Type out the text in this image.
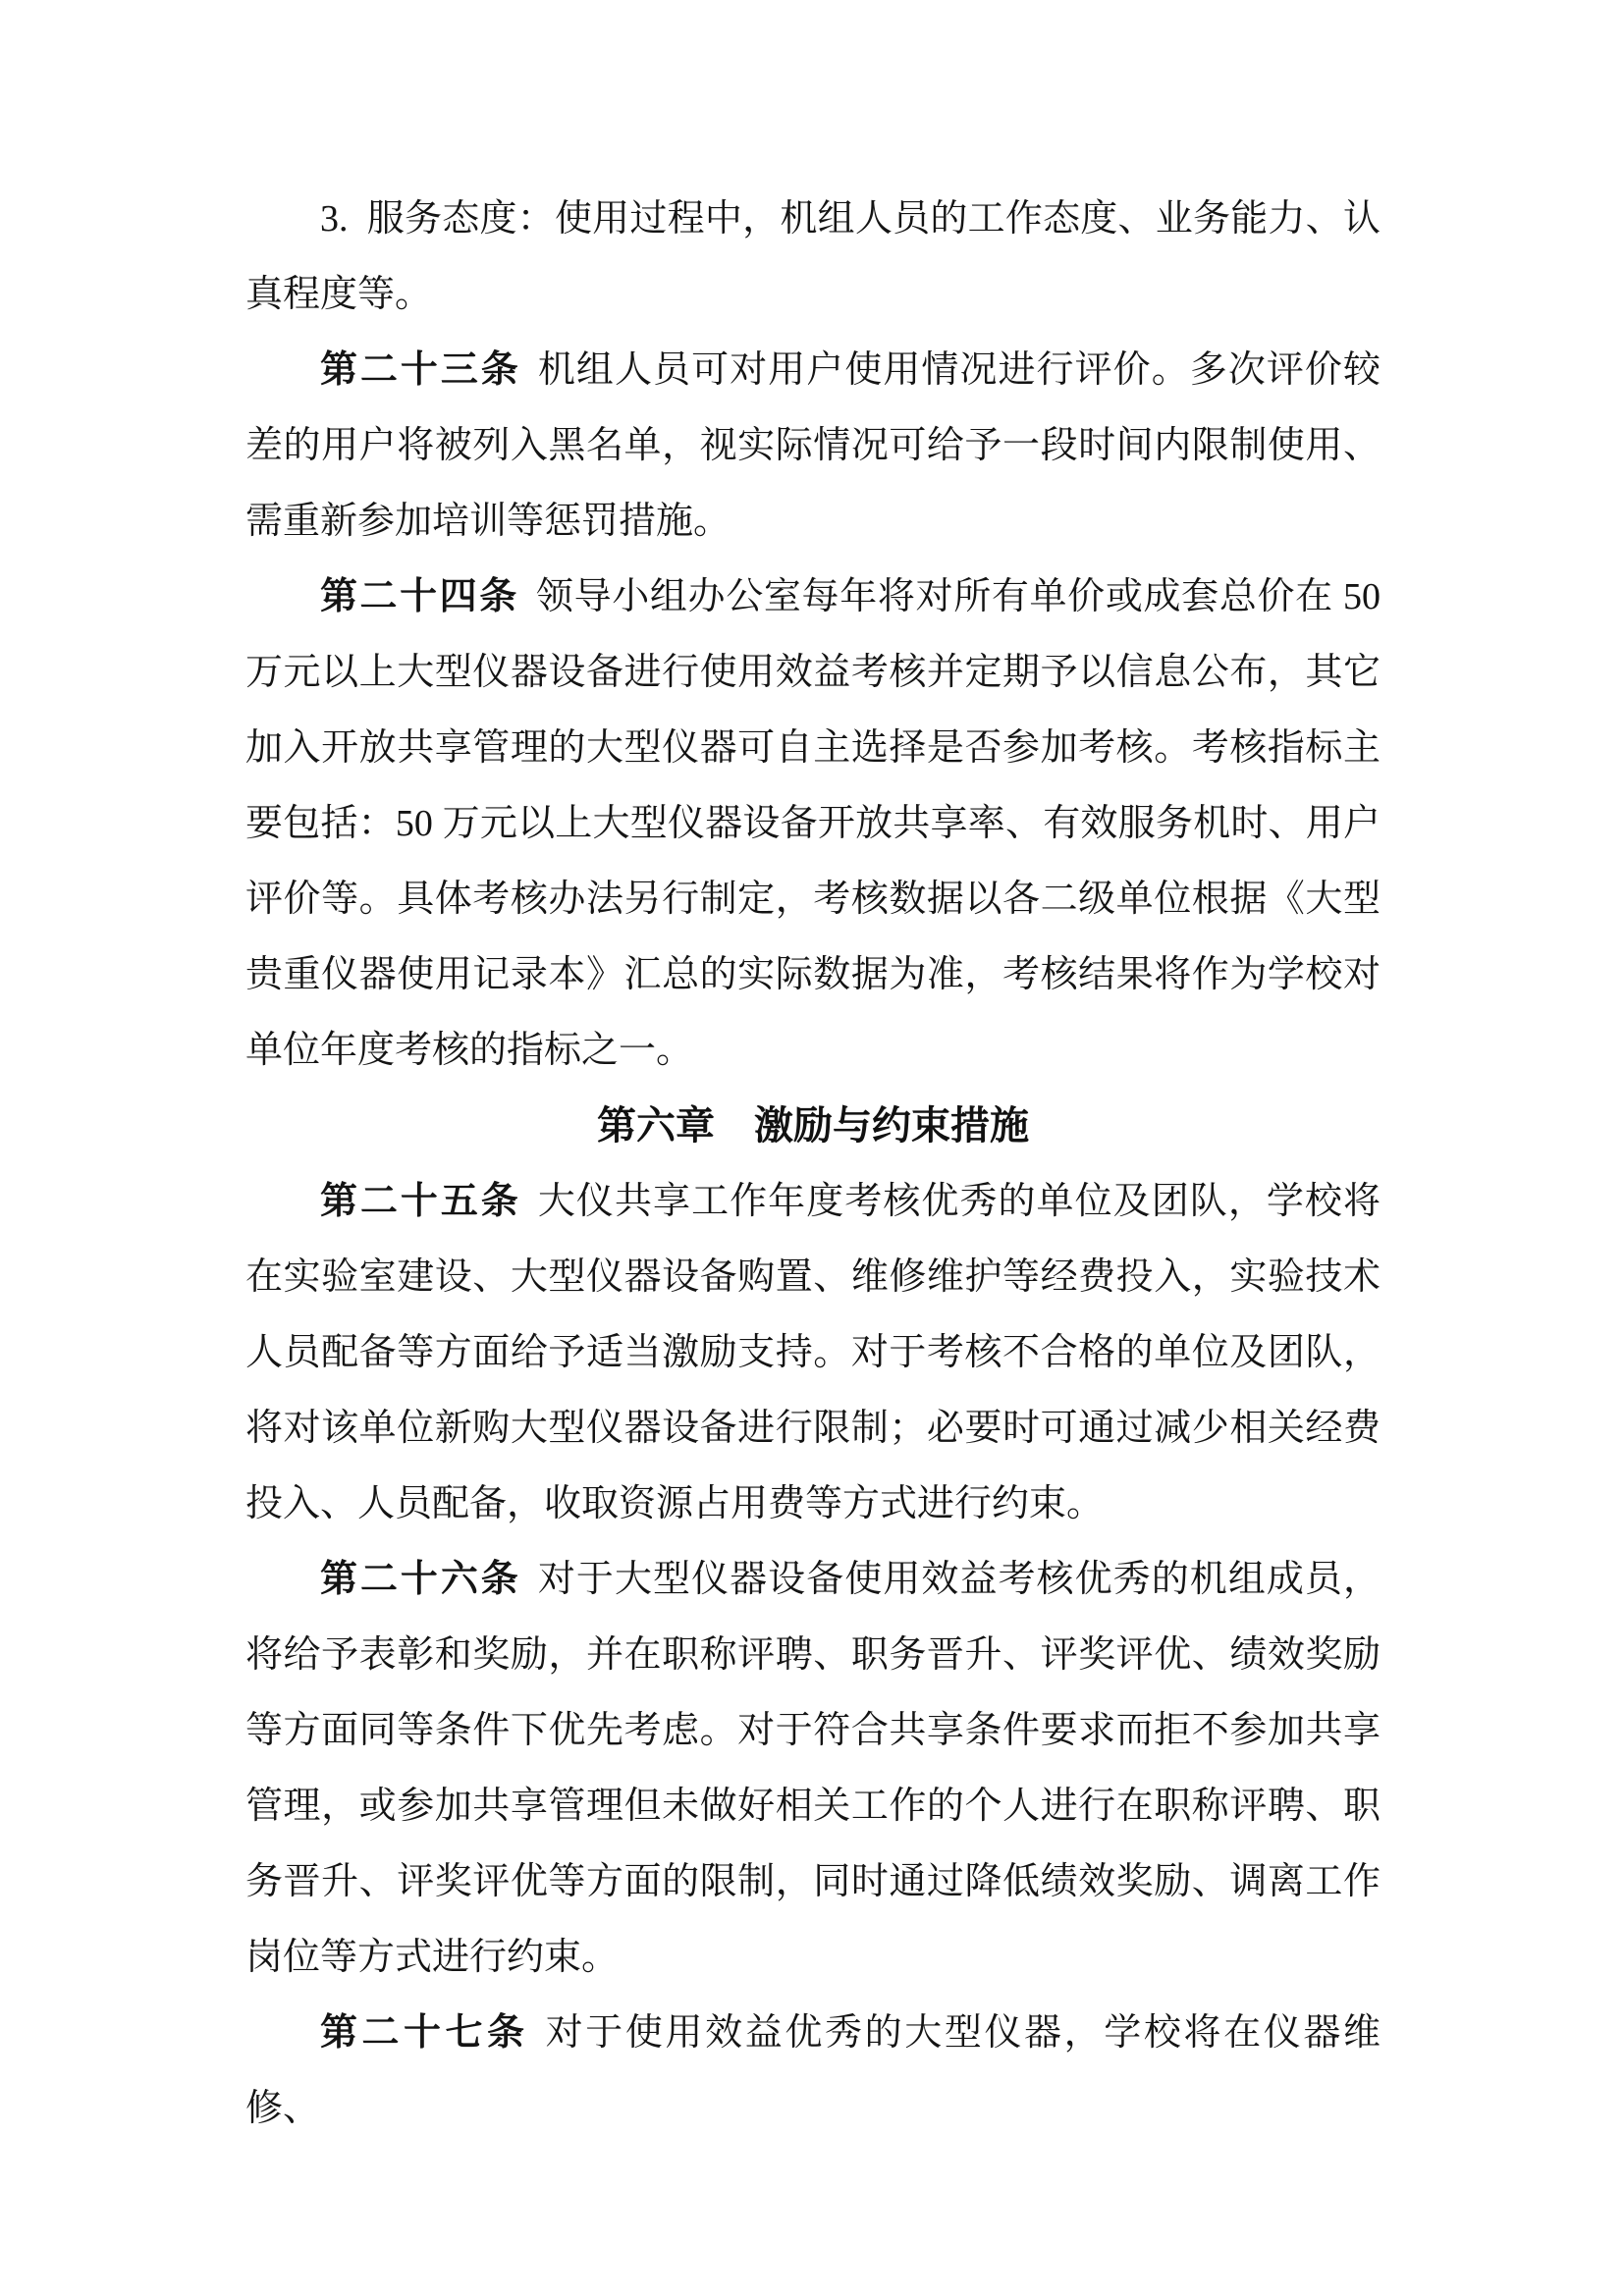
3. 服务态度：使用过程中，机组人员的工作态度、业务能力、认真程度等。

第二十三条 机组人员可对用户使用情况进行评价。多次评价较差的用户将被列入黑名单，视实际情况可给予一段时间内限制使用、需重新参加培训等惩罚措施。

第二十四条 领导小组办公室每年将对所有单价或成套总价在 50 万元以上大型仪器设备进行使用效益考核并定期予以信息公布，其它加入开放共享管理的大型仪器可自主选择是否参加考核。考核指标主要包括：50 万元以上大型仪器设备开放共享率、有效服务机时、用户评价等。具体考核办法另行制定，考核数据以各二级单位根据《大型贵重仪器使用记录本》汇总的实际数据为准，考核结果将作为学校对单位年度考核的指标之一。

第六章　激励与约束措施

第二十五条 大仪共享工作年度考核优秀的单位及团队，学校将在实验室建设、大型仪器设备购置、维修维护等经费投入，实验技术人员配备等方面给予适当激励支持。对于考核不合格的单位及团队，将对该单位新购大型仪器设备进行限制；必要时可通过减少相关经费投入、人员配备，收取资源占用费等方式进行约束。

第二十六条 对于大型仪器设备使用效益考核优秀的机组成员，将给予表彰和奖励，并在职称评聘、职务晋升、评奖评优、绩效奖励等方面同等条件下优先考虑。对于符合共享条件要求而拒不参加共享管理，或参加共享管理但未做好相关工作的个人进行在职称评聘、职务晋升、评奖评优等方面的限制，同时通过降低绩效奖励、调离工作岗位等方式进行约束。

第二十七条 对于使用效益优秀的大型仪器，学校将在仪器维修、
